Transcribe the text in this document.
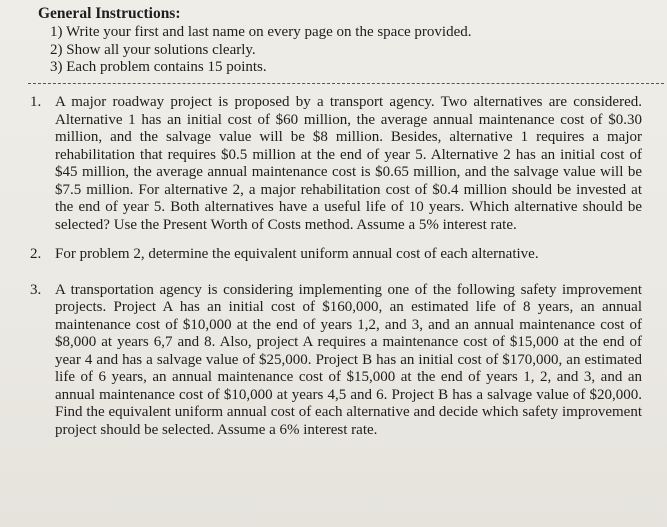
General Instructions:

1) Write your first and last name on every page on the space provided.
2) Show all your solutions clearly.
3) Each problem contains 15 points.
1. A major roadway project is proposed by a transport agency. Two alternatives are considered. Alternative 1 has an initial cost of $60 million, the average annual maintenance cost of $0.30 million, and the salvage value will be $8 million. Besides, alternative 1 requires a major rehabilitation that requires $0.5 million at the end of year 5. Alternative 2 has an initial cost of $45 million, the average annual maintenance cost is $0.65 million, and the salvage value will be $7.5 million. For alternative 2, a major rehabilitation cost of $0.4 million should be invested at the end of year 5. Both alternatives have a useful life of 10 years. Which alternative should be selected? Use the Present Worth of Costs method. Assume a 5% interest rate.
2. For problem 2, determine the equivalent uniform annual cost of each alternative.
3. A transportation agency is considering implementing one of the following safety improvement projects. Project A has an initial cost of $160,000, an estimated life of 8 years, an annual maintenance cost of $10,000 at the end of years 1,2, and 3, and an annual maintenance cost of $8,000 at years 6,7 and 8. Also, project A requires a maintenance cost of $15,000 at the end of year 4 and has a salvage value of $25,000. Project B has an initial cost of $170,000, an estimated life of 6 years, an annual maintenance cost of $15,000 at the end of years 1, 2, and 3, and an annual maintenance cost of $10,000 at years 4,5 and 6. Project B has a salvage value of $20,000. Find the equivalent uniform annual cost of each alternative and decide which safety improvement project should be selected. Assume a 6% interest rate.
